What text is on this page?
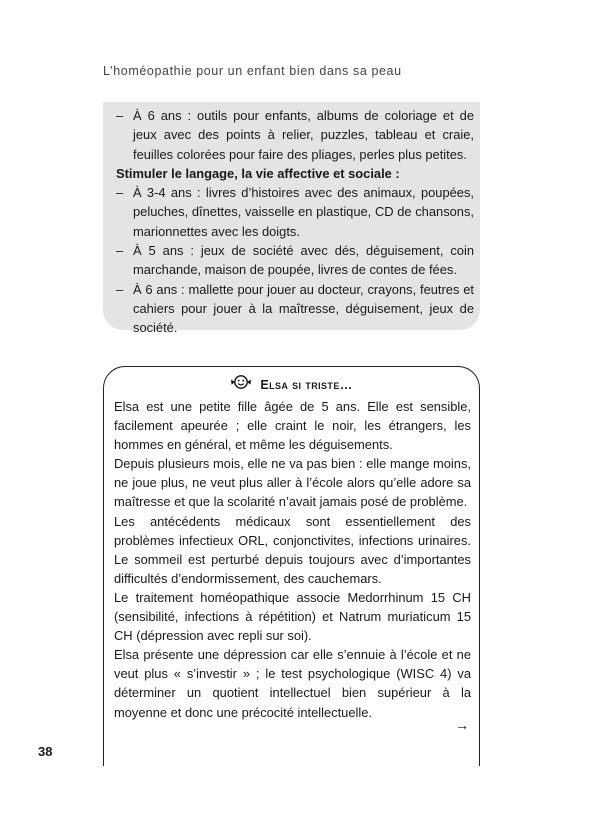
L’homéopathie pour un enfant bien dans sa peau
– À 6 ans : outils pour enfants, albums de coloriage et de jeux avec des points à relier, puzzles, tableau et craie, feuilles colorées pour faire des pliages, perles plus petites.
Stimuler le langage, la vie affective et sociale :
– À 3-4 ans : livres d’histoires avec des animaux, poupées, peluches, dînettes, vaisselle en plastique, CD de chansons, marionnettes avec les doigts.
– À 5 ans : jeux de société avec dés, déguisement, coin marchande, maison de poupée, livres de contes de fées.
– À 6 ans : mallette pour jouer au docteur, crayons, feutres et cahiers pour jouer à la maîtresse, déguisement, jeux de société.
Elsa si triste…

Elsa est une petite fille âgée de 5 ans. Elle est sensible, facilement apeurée ; elle craint le noir, les étrangers, les hommes en général, et même les déguisements.

Depuis plusieurs mois, elle ne va pas bien : elle mange moins, ne joue plus, ne veut plus aller à l’école alors qu’elle adore sa maîtresse et que la scolarité n’avait jamais posé de problème.

Les antécédents médicaux sont essentiellement des problèmes infectieux ORL, conjonctivites, infections urinaires. Le sommeil est perturbé depuis toujours avec d’importantes difficultés d’endormissement, des cauchemars.

Le traitement homéopathique associe Medorrhinum 15 CH (sensibilité, infections à répétition) et Natrum muriaticum 15 CH (dépression avec repli sur soi).

Elsa présente une dépression car elle s’ennuie à l’école et ne veut plus « s’investir » ; le test psychologique (WISC 4) va déterminer un quotient intellectuel bien supérieur à la moyenne et donc une précocité intellectuelle.

→
38
